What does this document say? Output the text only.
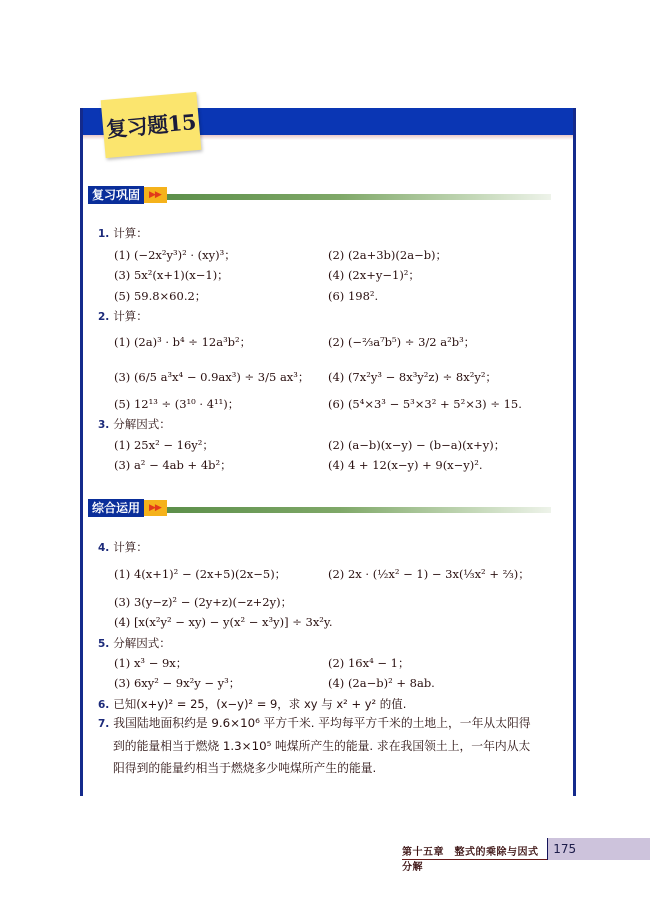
复习题15
复习巩固	▶▶
1. 计算：
(1) (−2x²y³)² · (xy)³；	(2) (2a+3b)(2a−b)；
(3) 5x²(x+1)(x−1)；	(4) (2x+y−1)²；
(5) 59.8×60.2；	(6) 198².
2. 计算：
(1) (2a)³ · b⁴ ÷ 12a³b²；	(2) (−⅔a⁷b⁵) ÷ 3/2 a²b³；
(3) (6/5 a³x⁴ − 0.9ax³) ÷ 3/5 ax³； (4) (7x²y³ − 8x³y²z) ÷ 8x²y²；
(5) 12¹³ ÷ (3¹⁰ · 4¹¹)；	(6) (5⁴×3³ − 5³×3² + 5²×3) ÷ 15.
3. 分解因式：
(1) 25x² − 16y²；	(2) (a−b)(x−y) − (b−a)(x+y)；
(3) a² − 4ab + 4b²；	(4) 4 + 12(x−y) + 9(x−y)².
综合运用	▶▶
4. 计算：
(1) 4(x+1)² − (2x+5)(2x−5)；	(2) 2x · (½x² − 1) − 3x(⅓x² + ⅔)；
(3) 3(y−z)² − (2y+z)(−z+2y)；
(4) [x(x²y² − xy) − y(x² − x³y)] ÷ 3x²y.
5. 分解因式：
(1) x³ − 9x；	(2) 16x⁴ − 1；
(3) 6xy² − 9x²y − y³；	(4) (2a−b)² + 8ab.
6. 已知(x+y)² = 25，(x−y)² = 9，求 xy 与 x² + y² 的值.
7. 我国陆地面积约是 9.6×10⁶ 平方千米. 平均每平方千米的土地上，一年从太阳得
到的能量相当于燃烧 1.3×10⁵ 吨煤所产生的能量. 求在我国领土上，一年内从太
阳得到的能量约相当于燃烧多少吨煤所产生的能量.
第十五章　整式的乘除与因式分解
175
